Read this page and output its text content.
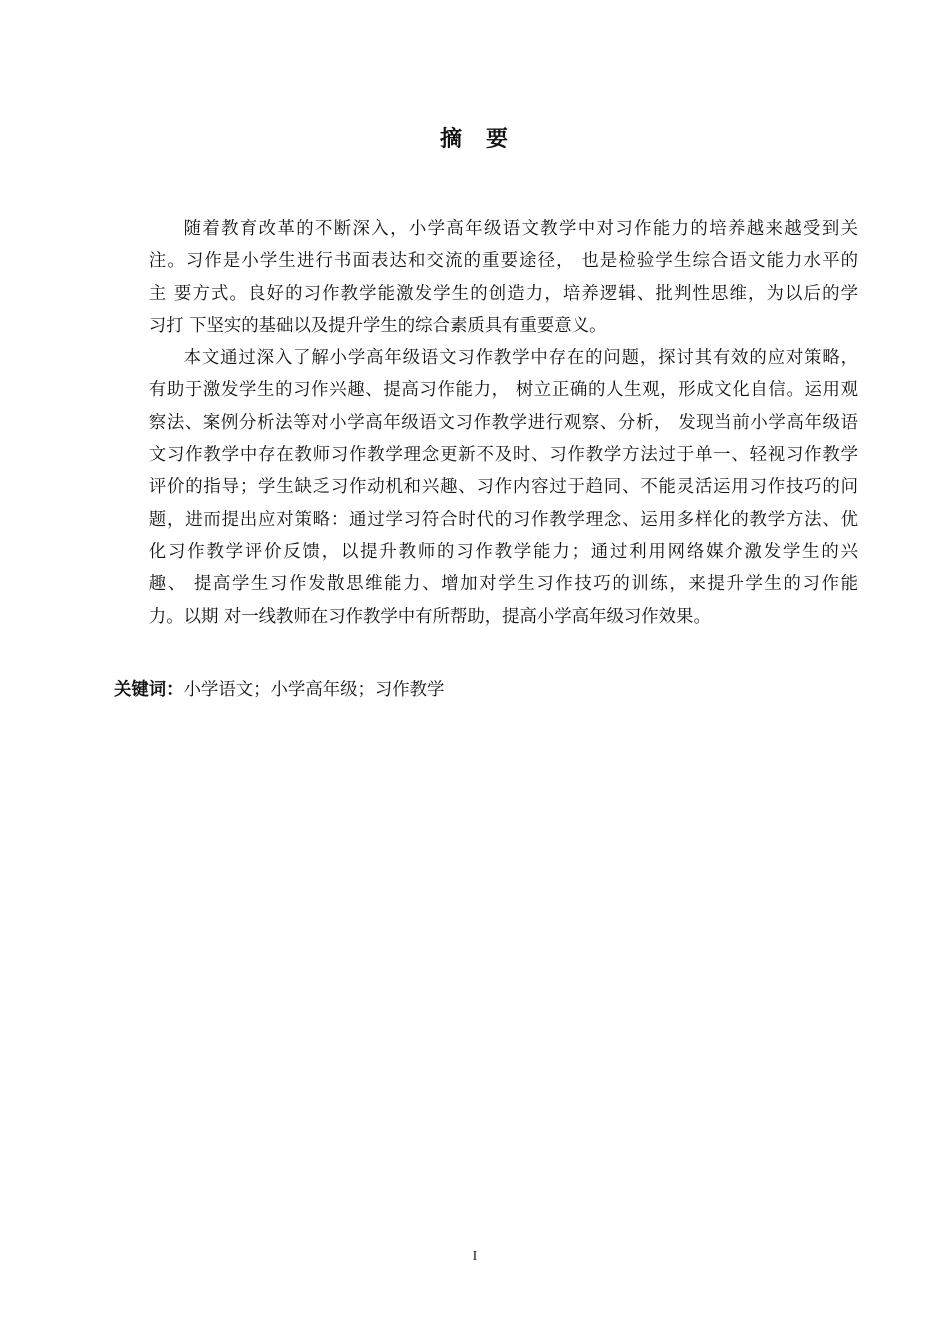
摘 要
随着教育改革的不断深入，小学高年级语文教学中对习作能力的培养越来越受到关
注。习作是小学生进行书面表达和交流的重要途径， 也是检验学生综合语文能力水平的
主 要方式。良好的习作教学能激发学生的创造力，培养逻辑、批判性思维，为以后的学
习打 下坚实的基础以及提升学生的综合素质具有重要意义。
本文通过深入了解小学高年级语文习作教学中存在的问题，探讨其有效的应对策略，
有助于激发学生的习作兴趣、提高习作能力， 树立正确的人生观，形成文化自信。运用观
察法、案例分析法等对小学高年级语文习作教学进行观察、分析， 发现当前小学高年级语
文习作教学中存在教师习作教学理念更新不及时、习作教学方法过于单一、轻视习作教学
评价的指导；学生缺乏习作动机和兴趣、习作内容过于趋同、不能灵活运用习作技巧的问
题，进而提出应对策略：通过学习符合时代的习作教学理念、运用多样化的教学方法、优
化习作教学评价反馈，以提升教师的习作教学能力；通过利用网络媒介激发学生的兴
趣、 提高学生习作发散思维能力、增加对学生习作技巧的训练，来提升学生的习作能
力。以期 对一线教师在习作教学中有所帮助，提高小学高年级习作效果。
关键词：小学语文；小学高年级；习作教学
I
